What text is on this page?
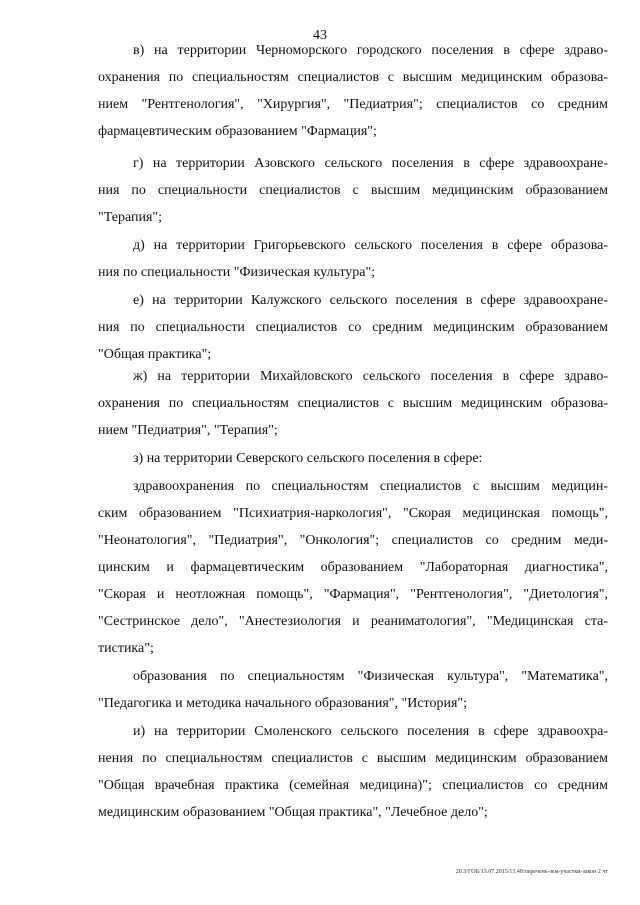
43
в) на территории Черноморского городского поселения в сфере здраво-
охранения по специальностям специалистов с высшим медицинским образова-
нием "Рентгенология", "Хирургия", "Педиатрия"; специалистов со средним
фармацевтическим образованием "Фармация";
г) на территории Азовского сельского поселения в сфере здравоохране-
ния по специальности специалистов с высшим медицинским образованием
"Терапия";
д) на территории Григорьевского сельского поселения в сфере образова-
ния по специальности "Физическая культура";
е) на территории Калужского сельского поселения в сфере здравоохране-
ния по специальности специалистов со средним медицинским образованием
"Общая практика";
ж) на территории Михайловского сельского поселения в сфере здраво-
охранения по специальностям специалистов с высшим медицинским образова-
нием "Педиатрия", "Терапия";
з) на территории Северского сельского поселения в сфере:
здравоохранения по специальностям специалистов с высшим медицин-
ским образованием "Психиатрия-наркология", "Скорая медицинская помощь",
"Неонатология", "Педиатрия", "Онкология"; специалистов со средним меди-
цинским и фармацевтическим образованием "Лабораторная диагностика",
"Скорая и неотложная помощь", "Фармация", "Рентгенология", "Диетология",
"Сестринское дело", "Анестезиология и реаниматология", "Медицинская ста-
тистика";
образования по специальностям "Физическая культура", "Математика",
"Педагогика и методика начального образования", "История";
и) на территории Смоленского сельского поселения в сфере здравоохра-
нения по специальностям специалистов с высшим медицинским образованием
"Общая врачебная практика (семейная медицина)"; специалистов со средним
медицинским образованием "Общая практика", "Лечебное дело";
20.3/ГОБ/13.07.2015/13.48/перечень-зем-участки-закон 2 чт
